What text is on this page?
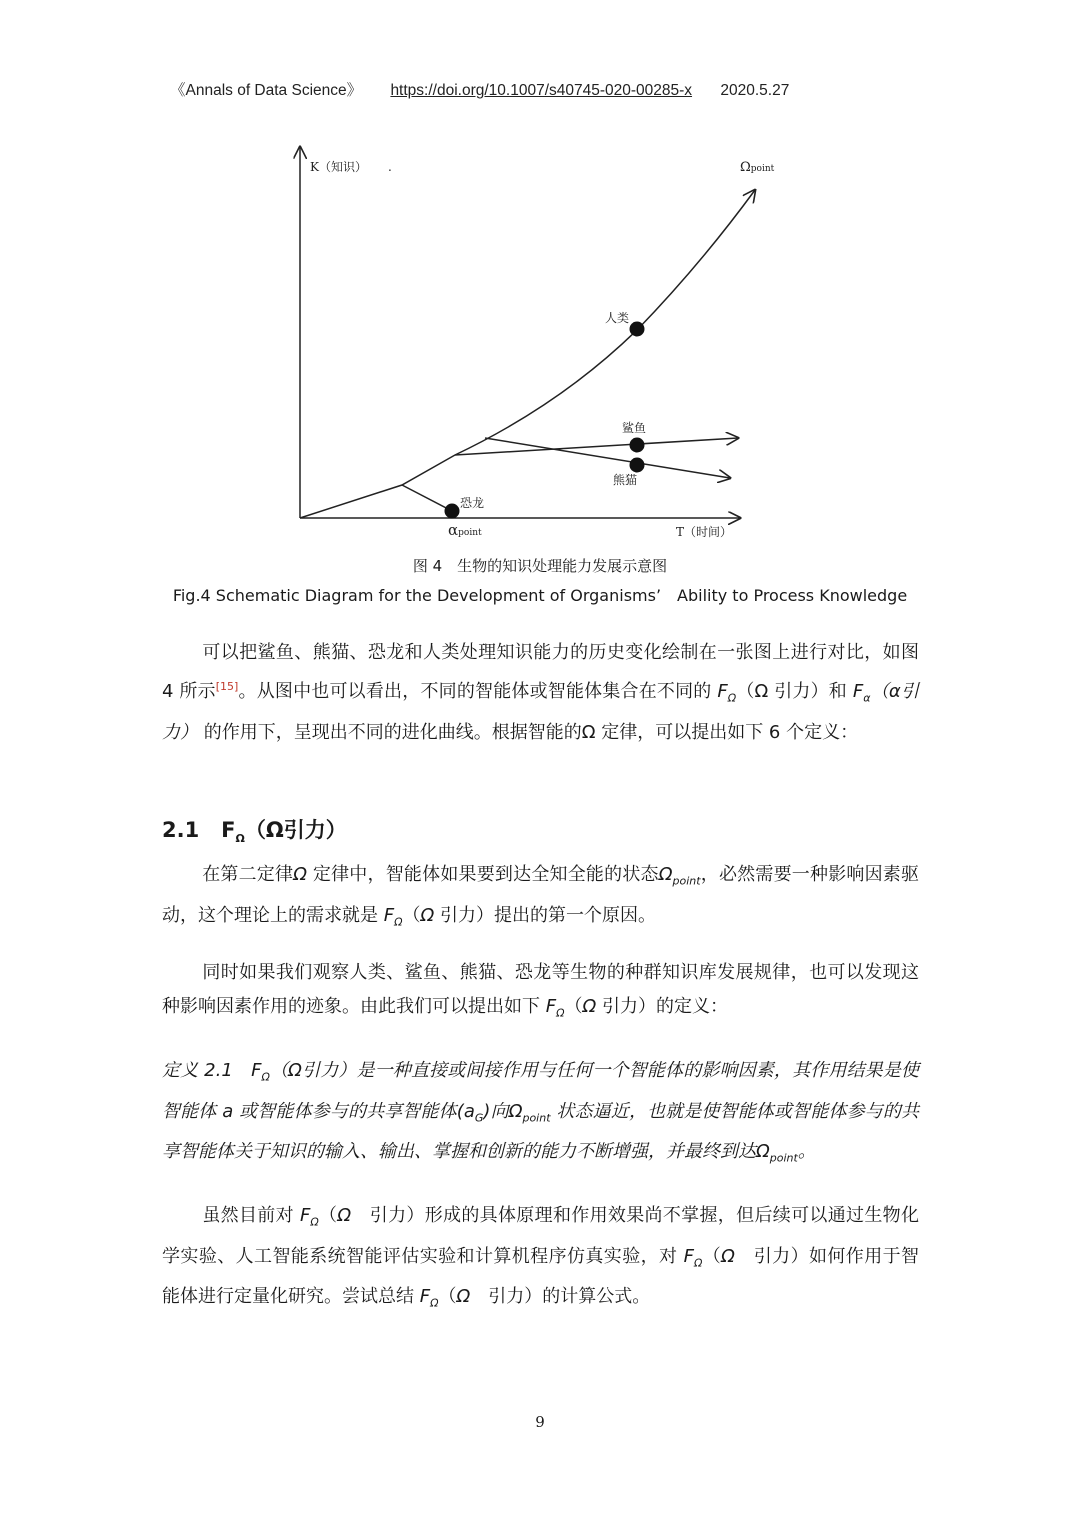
《Annals of Data Science》 https://doi.org/10.1007/s40745-020-00285-x 2020.5.27
K（知识） .	Ωpoint
人类
鲨鱼
熊猫
恐龙
αpoint	T（时间）
图 4　生物的知识处理能力发展示意图
Fig.4 Schematic Diagram for the Development of Organisms’　Ability to Process Knowledge
可以把鲨鱼、熊猫、恐龙和人类处理知识能力的历史变化绘制在一张图上进行对比，如图 4 所示[15]。从图中也可以看出，不同的智能体或智能体集合在不同的 $F_\Omega(\Omega$ 引力）和 $F_\alpha(\alpha$引力） 的作用下，呈现出不同的进化曲线。根据智能的Ω 定律，可以提出如下 6 个定义：
2.1 $F_\Omega(\Omega$引力）
在第二定律Ω 定律中，智能体如果要到达全知全能的状态$\Omega_{point}$，必然需要一种影响因素驱动，这个理论上的需求就是 $F_\Omega(\Omega$ 引力）提出的第一个原因。
同时如果我们观察人类、鲨鱼、熊猫、恐龙等生物的种群知识库发展规律，也可以发现这种影响因素作用的迹象。由此我们可以提出如下 $F_\Omega(\Omega$ 引力）的定义：
定义 2.1　$F_\Omega(\Omega$引力）是一种直接或间接作用与任何一个智能体的影响因素，其作用结果是使智能体 a 或智能体参与的共享智能体$(a_G)$向$\Omega_{point}$ 状态逼近，也就是使智能体或智能体参与的共享智能体关于知识的输入、输出、掌握和创新的能力不断增强，并最终到达$\Omega_{point}$。
虽然目前对 $F_\Omega(\Omega$　引力）形成的具体原理和作用效果尚不掌握，但后续可以通过生物化学实验、人工智能系统智能评估实验和计算机程序仿真实验，对 $F_\Omega(\Omega$　引力）如何作用于智能体进行定量化研究。尝试总结 $F_\Omega(\Omega$　引力）的计算公式。
9
